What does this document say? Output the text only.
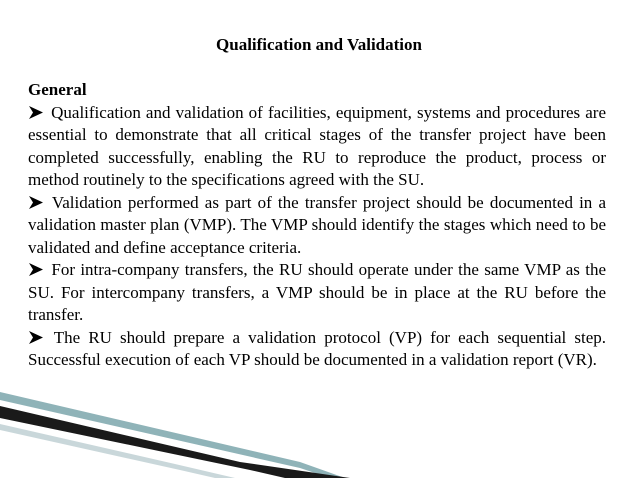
Qualification and Validation

General

Qualification and validation of facilities, equipment, systems and procedures are essential to demonstrate that all critical stages of the transfer project have been completed successfully, enabling the RU to reproduce the product, process or method routinely to the specifications agreed with the SU.

Validation performed as part of the transfer project should be documented in a validation master plan (VMP). The VMP should identify the stages which need to be validated and define acceptance criteria.

For intra-company transfers, the RU should operate under the same VMP as the SU. For intercompany transfers, a VMP should be in place at the RU before the transfer.

The RU should prepare a validation protocol (VP) for each sequential step. Successful execution of each VP should be documented in a validation report (VR).
